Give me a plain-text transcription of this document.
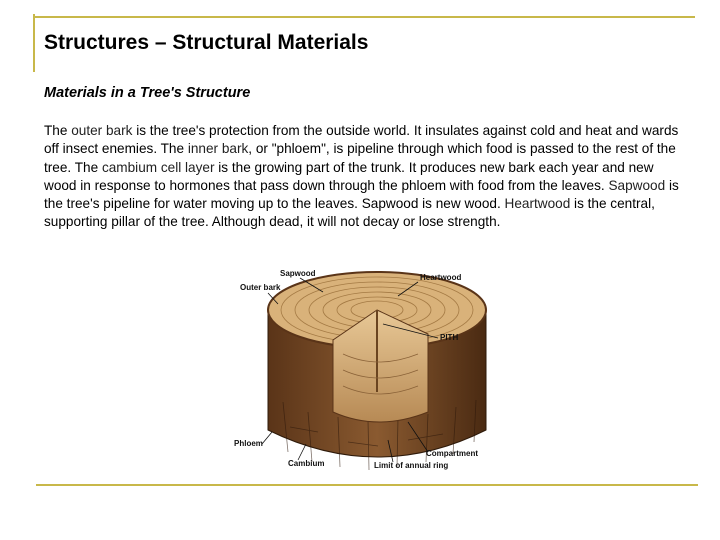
Structures – Structural Materials
Materials in a Tree's Structure
The outer bark is the tree's protection from the outside world. It insulates against cold and heat and wards off insect enemies. The inner bark, or "phloem", is pipeline through which food is passed to the rest of the tree. The cambium cell layer is the growing part of the trunk. It produces new bark each year and new wood in response to hormones that pass down through the phloem with food from the leaves. Sapwood is the tree's pipeline for water moving up to the leaves. Sapwood is new wood. Heartwood is the central, supporting pillar of the tree. Although dead, it will not decay or lose strength.
Sapwood	Heartwood
Outer bark
PITH
Phloem
Compartment
Cambium	Limit of annual ring
